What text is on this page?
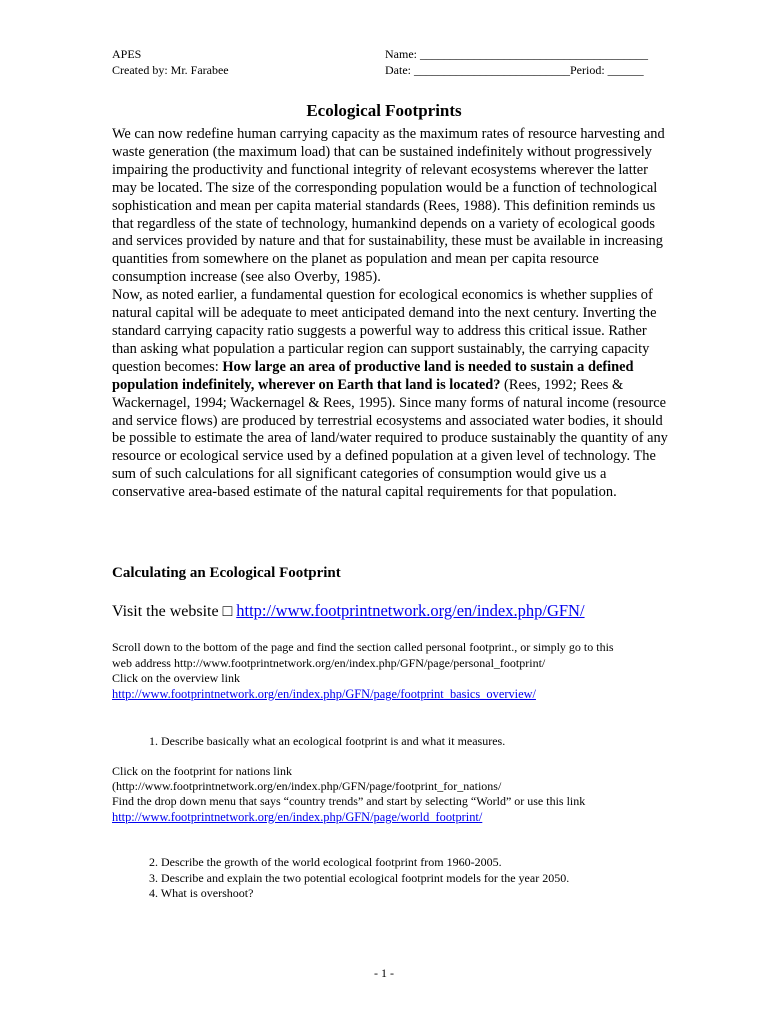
APES
Created by: Mr. Farabee
Name: ______________________________________
Date: __________________________Period: ______
Ecological Footprints

We can now redefine human carrying capacity as the maximum rates of resource harvesting and waste generation (the maximum load) that can be sustained indefinitely without progressively impairing the productivity and functional integrity of relevant ecosystems wherever the latter may be located. The size of the corresponding population would be a function of technological sophistication and mean per capita material standards (Rees, 1988). This definition reminds us that regardless of the state of technology, humankind depends on a variety of ecological goods and services provided by nature and that for sustainability, these must be available in increasing quantities from somewhere on the planet as population and mean per capita resource consumption increase (see also Overby, 1985).

Now, as noted earlier, a fundamental question for ecological economics is whether supplies of natural capital will be adequate to meet anticipated demand into the next century. Inverting the standard carrying capacity ratio suggests a powerful way to address this critical issue. Rather than asking what population a particular region can support sustainably, the carrying capacity question becomes: How large an area of productive land is needed to sustain a defined population indefinitely, wherever on Earth that land is located? (Rees, 1992; Rees & Wackernagel, 1994; Wackernagel & Rees, 1995). Since many forms of natural income (resource and service flows) are produced by terrestrial ecosystems and associated water bodies, it should be possible to estimate the area of land/water required to produce sustainably the quantity of any resource or ecological service used by a defined population at a given level of technology. The sum of such calculations for all significant categories of consumption would give us a conservative area-based estimate of the natural capital requirements for that population.

Calculating an Ecological Footprint
Visit the website □ http://www.footprintnetwork.org/en/index.php/GFN/
Scroll down to the bottom of the page and find the section called personal footprint., or simply go to this
web address http://www.footprintnetwork.org/en/index.php/GFN/page/personal_footprint/
Click on the overview link
http://www.footprintnetwork.org/en/index.php/GFN/page/footprint_basics_overview/
1. Describe basically what an ecological footprint is and what it measures.
Click on the footprint for nations link
(http://www.footprintnetwork.org/en/index.php/GFN/page/footprint_for_nations/
Find the drop down menu that says “country trends” and start by selecting “World” or use this link
http://www.footprintnetwork.org/en/index.php/GFN/page/world_footprint/
2. Describe the growth of the world ecological footprint from 1960-2005.
3. Describe and explain the two potential ecological footprint models for the year 2050.
4. What is overshoot?
- 1 -
